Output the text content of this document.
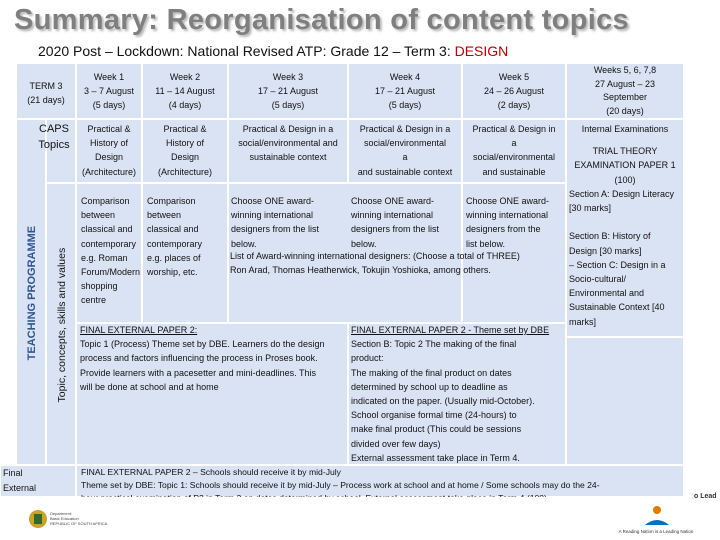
Summary: Reorganisation of content topics
2020 Post – Lockdown: National Revised ATP: Grade 12 – Term 3: DESIGN
TEACHING PROGRAMME Topic, concepts, skills and values
TERM 3
(21 days)
CAPS
Topics
Week 1
3 – 7 August
(5 days)
Week 2
11 – 14 August
(4 days)
Week 3
17 – 21 August
(5 days)
Week 4
17 – 21 August
(5 days)
Week 5
24 – 26 August
(2 days)
Weeks 5, 6, 7,8
27 August – 23
September
(20 days)
Practical &
History of
Design
(Architecture)
Practical &
History of
Design
(Architecture)
Practical & Design in a
social/environmental and
sustainable context
Practical & Design in a
social/environmental
a
and sustainable context
Practical & Design in
a
social/environmental
and sustainable

Internal Examinations
TRIAL THEORY
EXAMINATION PAPER 1
(100)
Section A: Design Literacy
[30 marks]

Section B: History of
Design [30 marks]
– Section C: Design in a
Socio-cultural/
Environmental and
Sustainable Context [40
marks]
Comparison
between
classical and
contemporary
e.g. Roman
Forum/Modern
shopping
centre
Comparison
between
classical and
contemporary
e.g. places of
worship, etc.
Choose ONE award-
winning international
designers from the list
below.
Choose ONE award-
winning international
designers from the list
below.
Choose ONE award-
winning international
designers from the
list below.
List of Award-winning international designers: (Choose a total of THREE)
Ron Arad, Thomas Heatherwick, Tokujin Yoshioka, among others.
FINAL EXTERNAL PAPER 2:
Topic 1 (Process) Theme set by DBE. Learners do the design
process and factors influencing the process in Proses book.
Provide learners with a pacesetter and mini-deadlines. This
will be done at school and at home
FINAL EXTERNAL PAPER 2 - Theme set by DBE
Section B: Topic 2 The making of the final
product:
The making of the final product on dates
determined by school up to deadline as
indicated on the paper. (Usually mid-October).
School organise formal time (24-hours) to
make final product (This could be sessions
divided over few days)
External assessment take place in Term 4.
Final
External

FINAL EXTERNAL PAPER 2 – Schools should receive it by mid-July
Theme set by DBE: Topic 1: Schools should receive it by mid-July – Process work at school and at home / Some schools may do the 24-

Department:
Basic Education
REPUBLIC OF SOUTH AFRICA
o Lead
A Reading Nation is a Leading Nation
